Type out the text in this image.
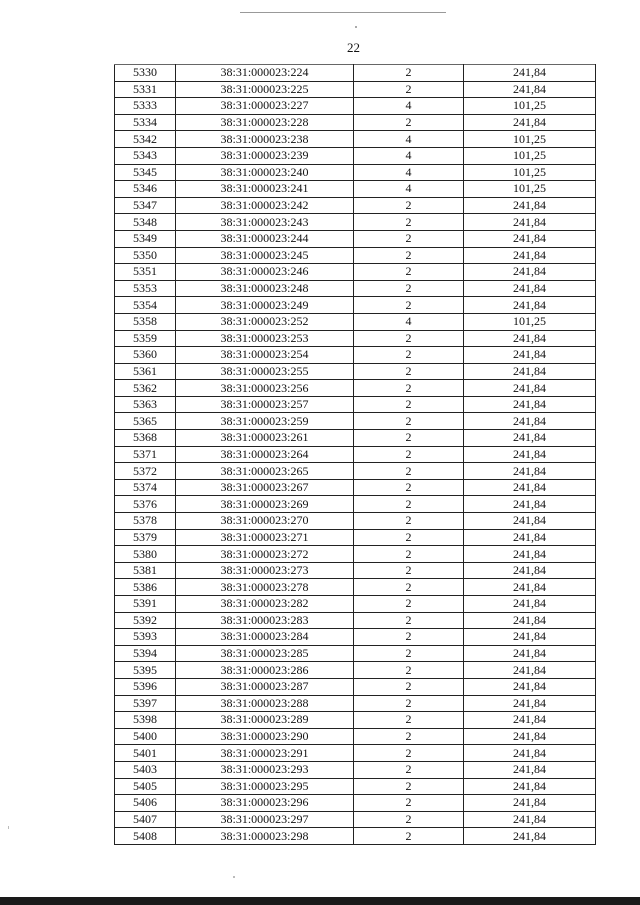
22
5330	38:31:000023:224	2	241,84
5331	38:31:000023:225	2	241,84
5333	38:31:000023:227	4	101,25
5334	38:31:000023:228	2	241,84
5342	38:31:000023:238	4	101,25
5343	38:31:000023:239	4	101,25
5345	38:31:000023:240	4	101,25
5346	38:31:000023:241	4	101,25
5347	38:31:000023:242	2	241,84
5348	38:31:000023:243	2	241,84
5349	38:31:000023:244	2	241,84
5350	38:31:000023:245	2	241,84
5351	38:31:000023:246	2	241,84
5353	38:31:000023:248	2	241,84
5354	38:31:000023:249	2	241,84
5358	38:31:000023:252	4	101,25
5359	38:31:000023:253	2	241,84
5360	38:31:000023:254	2	241,84
5361	38:31:000023:255	2	241,84
5362	38:31:000023:256	2	241,84
5363	38:31:000023:257	2	241,84
5365	38:31:000023:259	2	241,84
5368	38:31:000023:261	2	241,84
5371	38:31:000023:264	2	241,84
5372	38:31:000023:265	2	241,84
5374	38:31:000023:267	2	241,84
5376	38:31:000023:269	2	241,84
5378	38:31:000023:270	2	241,84
5379	38:31:000023:271	2	241,84
5380	38:31:000023:272	2	241,84
5381	38:31:000023:273	2	241,84
5386	38:31:000023:278	2	241,84
5391	38:31:000023:282	2	241,84
5392	38:31:000023:283	2	241,84
5393	38:31:000023:284	2	241,84
5394	38:31:000023:285	2	241,84
5395	38:31:000023:286	2	241,84
5396	38:31:000023:287	2	241,84
5397	38:31:000023:288	2	241,84
5398	38:31:000023:289	2	241,84
5400	38:31:000023:290	2	241,84
5401	38:31:000023:291	2	241,84
5403	38:31:000023:293	2	241,84
5405	38:31:000023:295	2	241,84
5406	38:31:000023:296	2	241,84
5407	38:31:000023:297	2	241,84
5408	38:31:000023:298	2	241,84
